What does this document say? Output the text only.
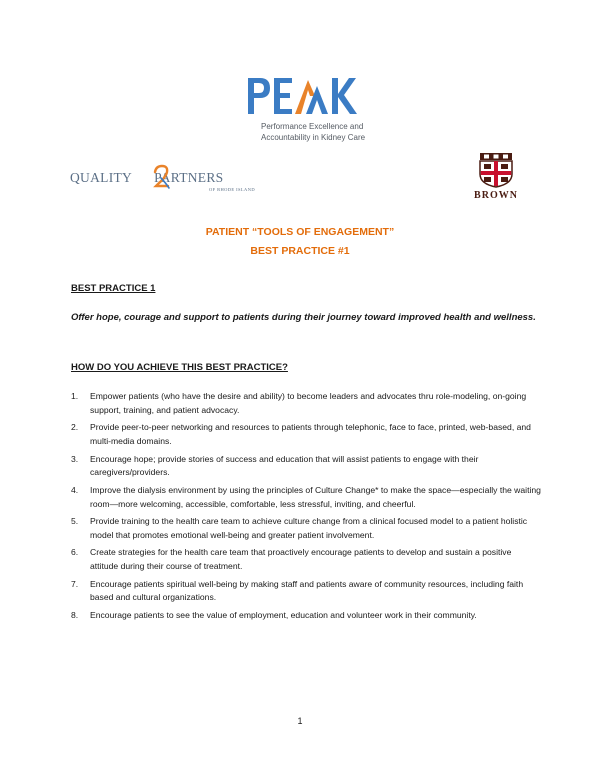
Performance Excellence and
Accountability in Kidney Care
QUALITY PARTNERS
OF RHODE ISLAND
BROWN
PATIENT “TOOLS OF ENGAGEMENT”
BEST PRACTICE #1
BEST PRACTICE 1
Offer hope, courage and support to patients during their journey toward improved health and wellness.
HOW DO YOU ACHIEVE THIS BEST PRACTICE?
1. Empower patients (who have the desire and ability) to become leaders and advocates thru role-modeling, on-going support, training, and patient advocacy.
2. Provide peer-to-peer networking and resources to patients through telephonic, face to face, printed, web-based, and multi-media domains.
3. Encourage hope; provide stories of success and education that will assist patients to engage with their caregivers/providers.
4. Improve the dialysis environment by using the principles of Culture Change* to make the space—especially the waiting room—more welcoming, accessible, comfortable, less stressful, inviting, and cheerful.
5. Provide training to the health care team to achieve culture change from a clinical focused model to a patient holistic model that promotes emotional well-being and greater patient involvement.
6. Create strategies for the health care team that proactively encourage patients to develop and sustain a positive attitude during their course of treatment.
7. Encourage patients spiritual well-being by making staff and patients aware of community resources, including faith based and cultural organizations.
8. Encourage patients to see the value of employment, education and volunteer work in their community.
1
